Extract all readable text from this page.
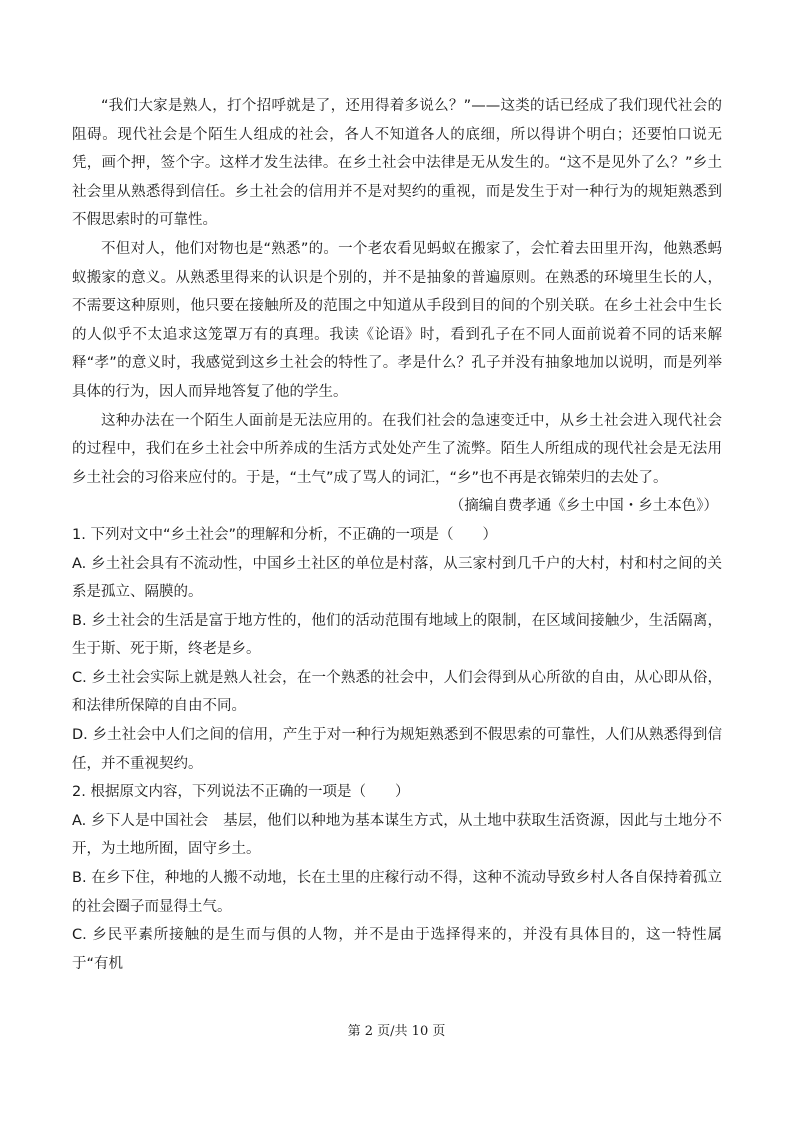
“我们大家是熟人，打个招呼就是了，还用得着多说么？”——这类的话已经成了我们现代社会的阻碍。现代社会是个陌生人组成的社会，各人不知道各人的底细，所以得讲个明白；还要怕口说无凭，画个押，签个字。这样才发生法律。在乡土社会中法律是无从发生的。“这不是见外了么？”乡土社会里从熟悉得到信任。乡土社会的信用并不是对契约的重视，而是发生于对一种行为的规矩熟悉到不假思索时的可靠性。

不但对人，他们对物也是“熟悉”的。一个老农看见蚂蚁在搬家了，会忙着去田里开沟，他熟悉蚂蚁搬家的意义。从熟悉里得来的认识是个别的，并不是抽象的普遍原则。在熟悉的环境里生长的人，不需要这种原则，他只要在接触所及的范围之中知道从手段到目的间的个别关联。在乡土社会中生长的人似乎不太追求这笼罩万有的真理。我读《论语》时，看到孔子在不同人面前说着不同的话来解释“孝”的意义时，我感觉到这乡土社会的特性了。孝是什么？孔子并没有抽象地加以说明，而是列举具体的行为，因人而异地答复了他的学生。

这种办法在一个陌生人面前是无法应用的。在我们社会的急速变迁中，从乡土社会进入现代社会的过程中，我们在乡土社会中所养成的生活方式处处产生了流弊。陌生人所组成的现代社会是无法用乡土社会的习俗来应付的。于是，“土气”成了骂人的词汇，“乡”也不再是衣锦荣归的去处了。

（摘编自费孝通《乡土中国・乡土本色》）

1. 下列对文中“乡土社会”的理解和分析，不正确的一项是（　　）

A. 乡土社会具有不流动性，中国乡土社区的单位是村落，从三家村到几千户的大村，村和村之间的关系是孤立、隔膜的。

B. 乡土社会的生活是富于地方性的，他们的活动范围有地域上的限制，在区域间接触少，生活隔离，生于斯、死于斯，终老是乡。

C. 乡土社会实际上就是熟人社会，在一个熟悉的社会中，人们会得到从心所欲的自由，从心即从俗，和法律所保障的自由不同。

D. 乡土社会中人们之间的信用，产生于对一种行为规矩熟悉到不假思索的可靠性，人们从熟悉得到信任，并不重视契约。

2. 根据原文内容，下列说法不正确的一项是（　　）

A. 乡下人是中国社会　基层，他们以种地为基本谋生方式，从土地中获取生活资源，因此与土地分不开，为土地所囿，固守乡土。

B. 在乡下住，种地的人搬不动地，长在土里的庄稼行动不得，这种不流动导致乡村人各自保持着孤立的社会圈子而显得土气。

C. 乡民平素所接触的是生而与俱的人物，并不是由于选择得来的，并没有具体目的，这一特性属于“有机

第 2 页/共 10 页
